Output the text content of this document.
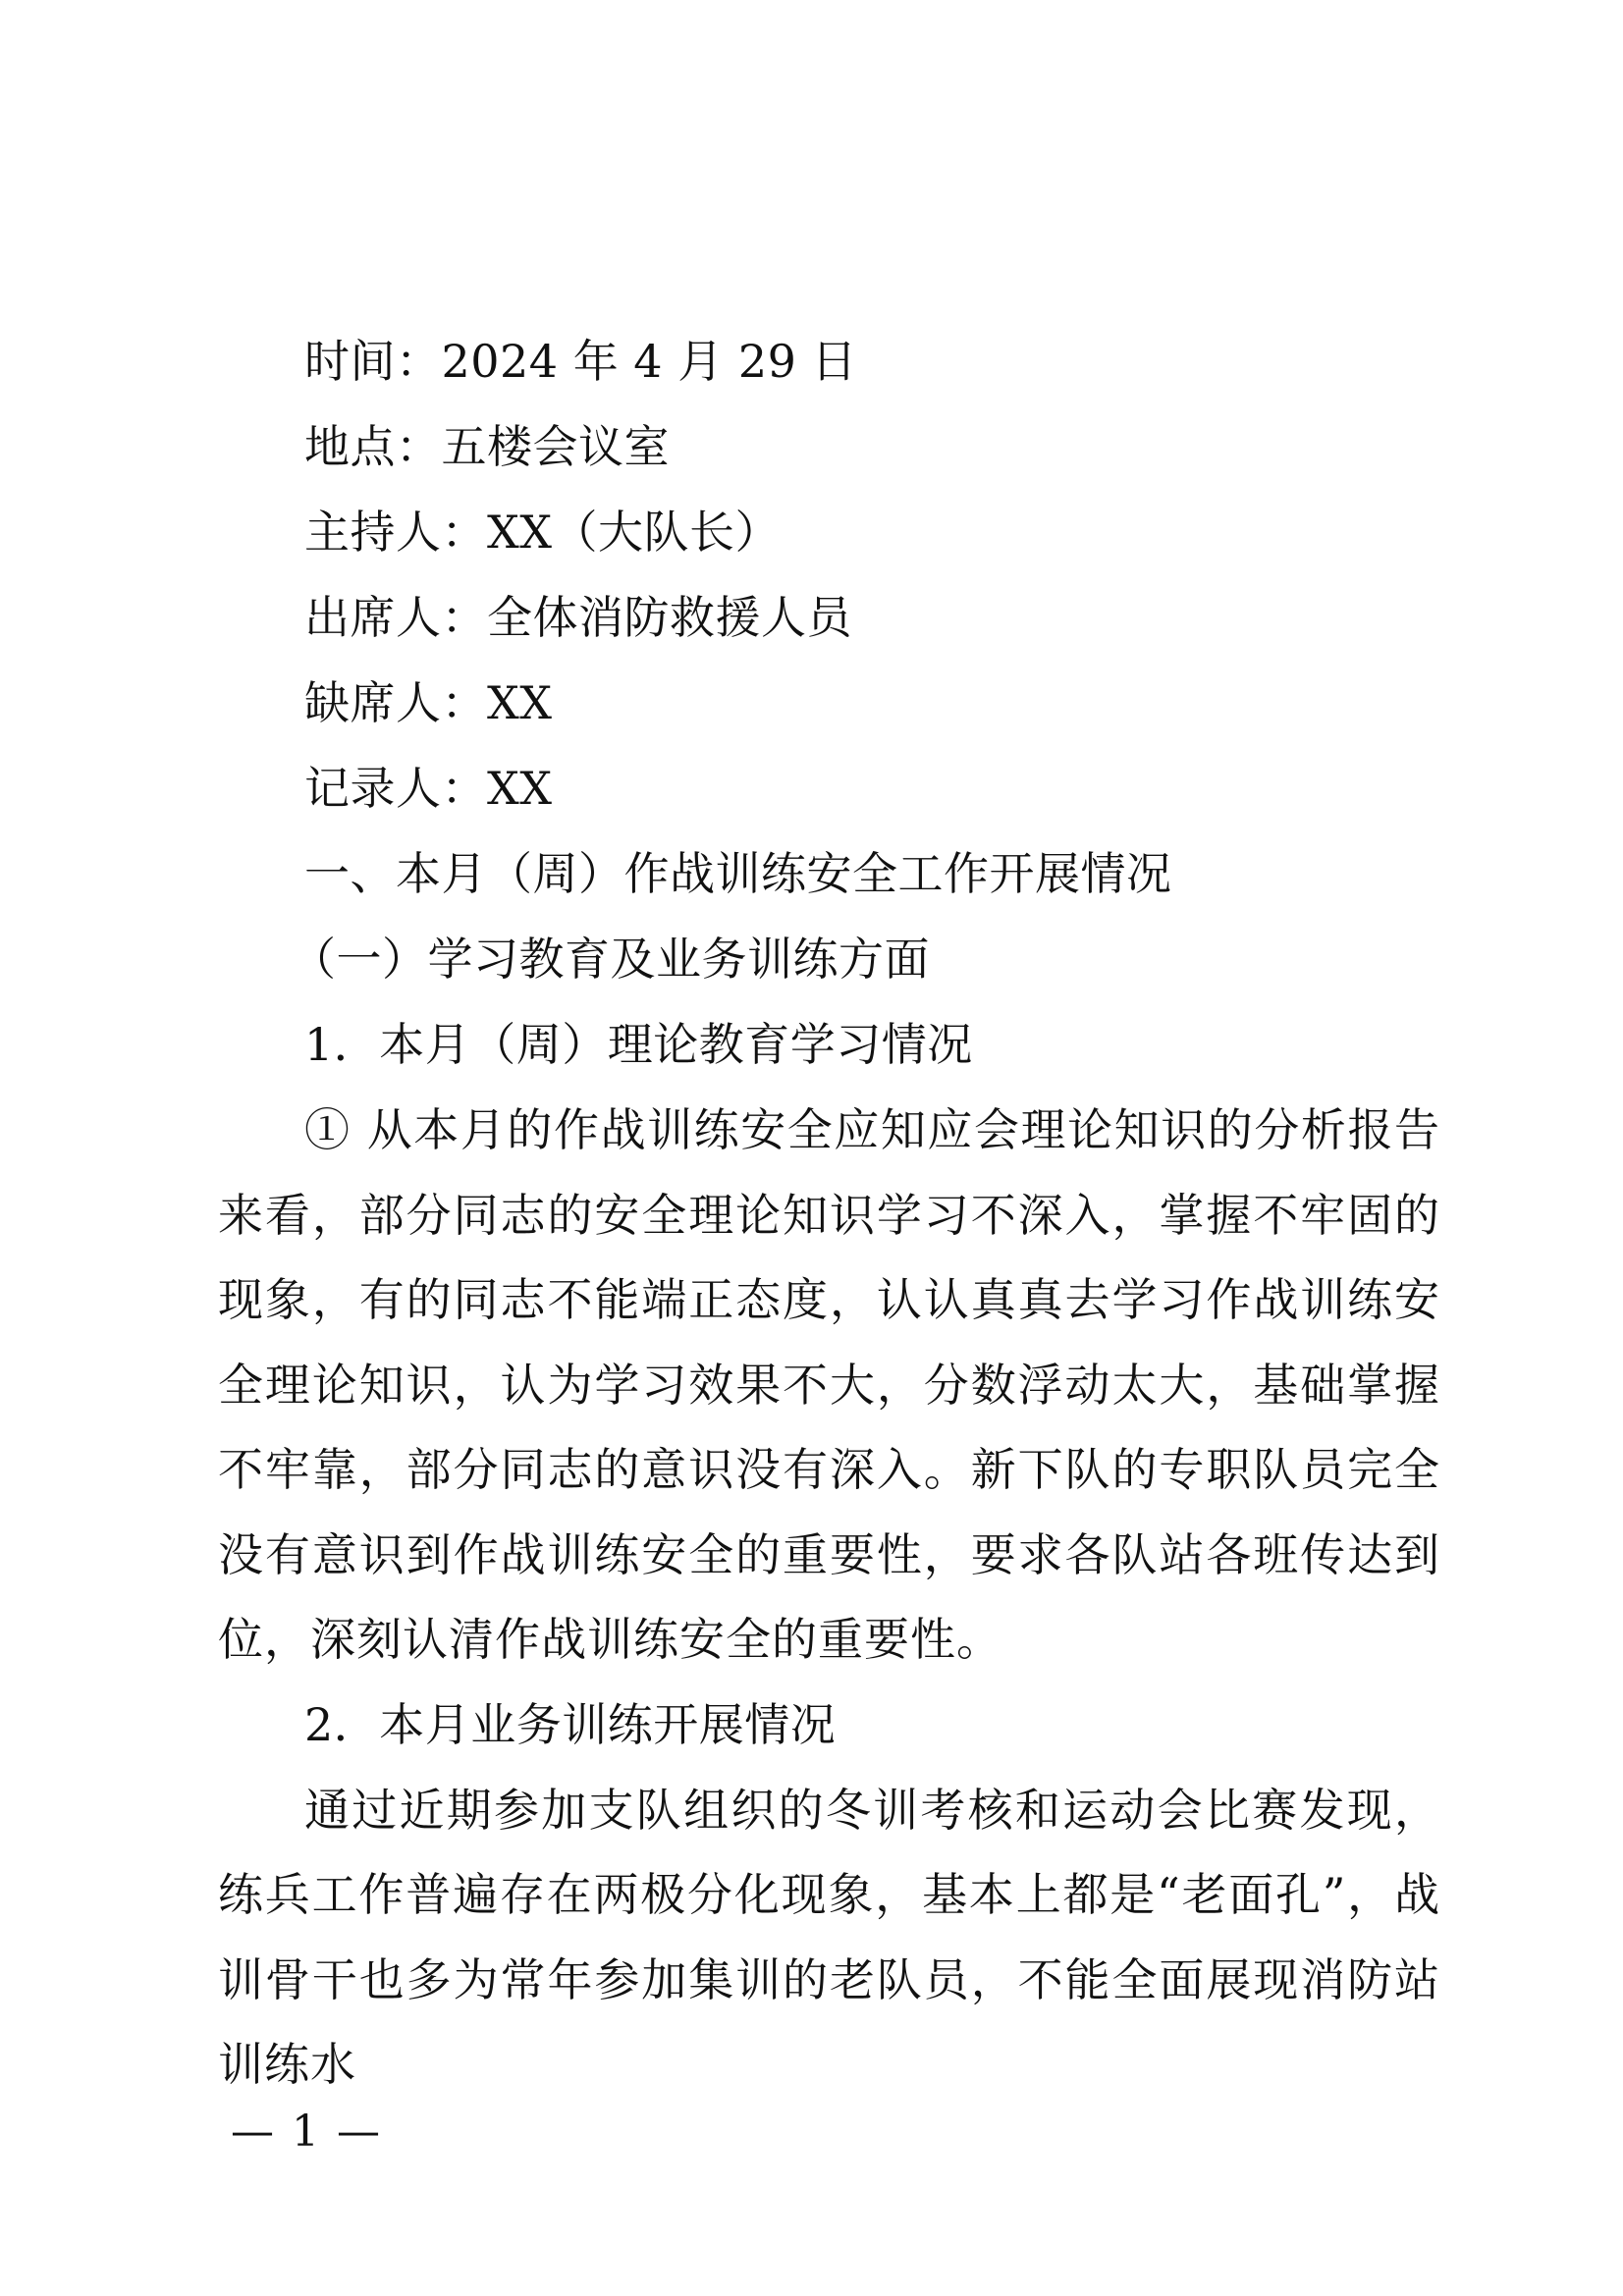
时间：2024 年 4 月 29 日
地点：五楼会议室
主持人：XX（大队长）
出席人：全体消防救援人员
缺席人：XX
记录人：XX
一、本月（周）作战训练安全工作开展情况
（一）学习教育及业务训练方面
1．本月（周）理论教育学习情况

① 从本月的作战训练安全应知应会理论知识的分析报告来看，部分同志的安全理论知识学习不深入，掌握不牢固的现象，有的同志不能端正态度，认认真真去学习作战训练安全理论知识，认为学习效果不大，分数浮动太大，基础掌握不牢靠，部分同志的意识没有深入。新下队的专职队员完全没有意识到作战训练安全的重要性，要求各队站各班传达到位，深刻认清作战训练安全的重要性。

2．本月业务训练开展情况

通过近期参加支队组织的冬训考核和运动会比赛发现，练兵工作普遍存在两极分化现象，基本上都是“老面孔”，战训骨干也多为常年参加集训的老队员，不能全面展现消防站训练水

— 1 —
